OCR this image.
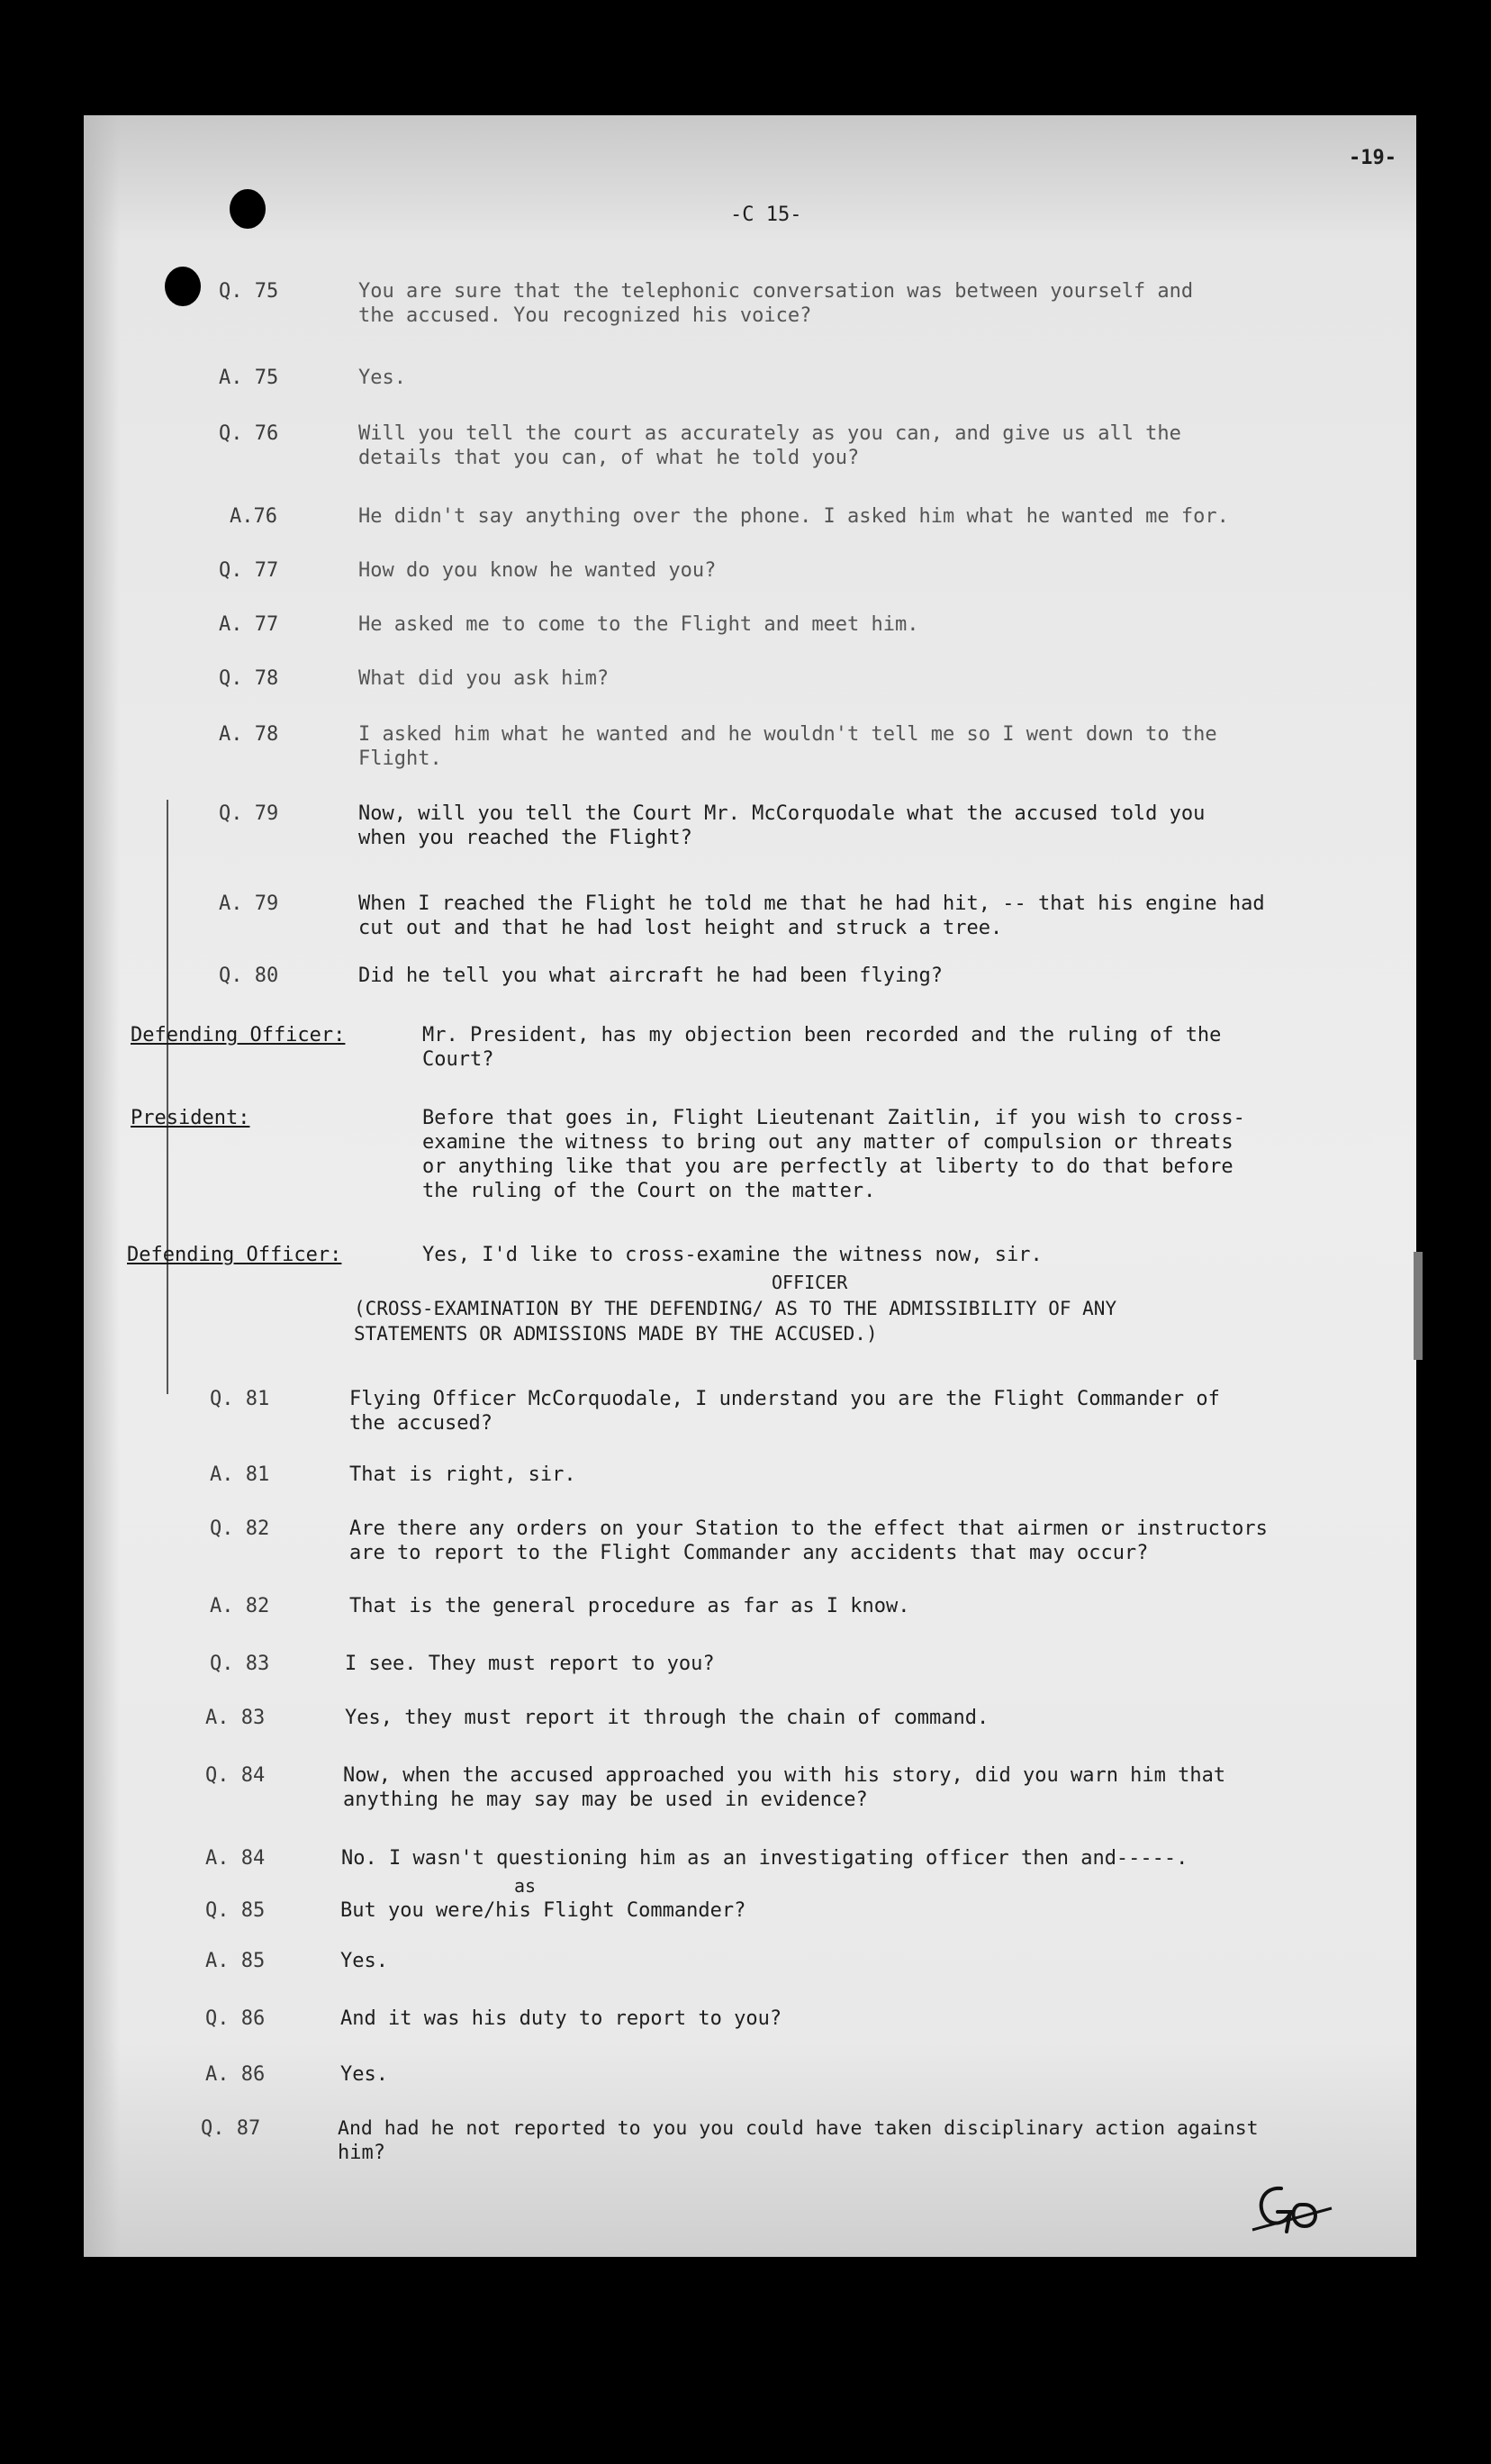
-19-
-C 15-
Q. 75	You are sure that the telephonic conversation was between yourself and
the accused. You recognized his voice?
A. 75	Yes.
Q. 76	Will you tell the court as accurately as you can, and give us all the
details that you can, of what he told you?
A.76	He didn't say anything over the phone. I asked him what he wanted me for.
Q. 77	How do you know he wanted you?
A. 77	He asked me to come to the Flight and meet him.
Q. 78	What did you ask him?
A. 78	I asked him what he wanted and he wouldn't tell me so I went down to the
Flight.
Q. 79	Now, will you tell the Court Mr. McCorquodale what the accused told you
when you reached the Flight?
A. 79	When I reached the Flight he told me that he had hit, -- that his engine had
cut out and that he had lost height and struck a tree.
Q. 80	Did he tell you what aircraft he had been flying?
Defending Officer:	Mr. President, has my objection been recorded and the ruling of the
Court?
President:	Before that goes in, Flight Lieutenant Zaitlin, if you wish to cross-
examine the witness to bring out any matter of compulsion or threats
or anything like that you are perfectly at liberty to do that before
the ruling of the Court on the matter.
Defending Officer:	Yes, I'd like to cross-examine the witness now, sir.
OFFICER
(CROSS-EXAMINATION BY THE DEFENDING/ AS TO THE ADMISSIBILITY OF ANY
STATEMENTS OR ADMISSIONS MADE BY THE ACCUSED.)
Q. 81	Flying Officer McCorquodale, I understand you are the Flight Commander of
the accused?
A. 81	That is right, sir.
Q. 82	Are there any orders on your Station to the effect that airmen or instructors
are to report to the Flight Commander any accidents that may occur?
A. 82	That is the general procedure as far as I know.
Q. 83	I see. They must report to you?
A. 83	Yes, they must report it through the chain of command.
Q. 84	Now, when the accused approached you with his story, did you warn him that
anything he may say may be used in evidence?
A. 84	No. I wasn't questioning him as an investigating officer then and-----.
as
Q. 85	But you were/his Flight Commander?
A. 85	Yes.
Q. 86	And it was his duty to report to you?
A. 86	Yes.
Q. 87	And had he not reported to you you could have taken disciplinary action against
him?
